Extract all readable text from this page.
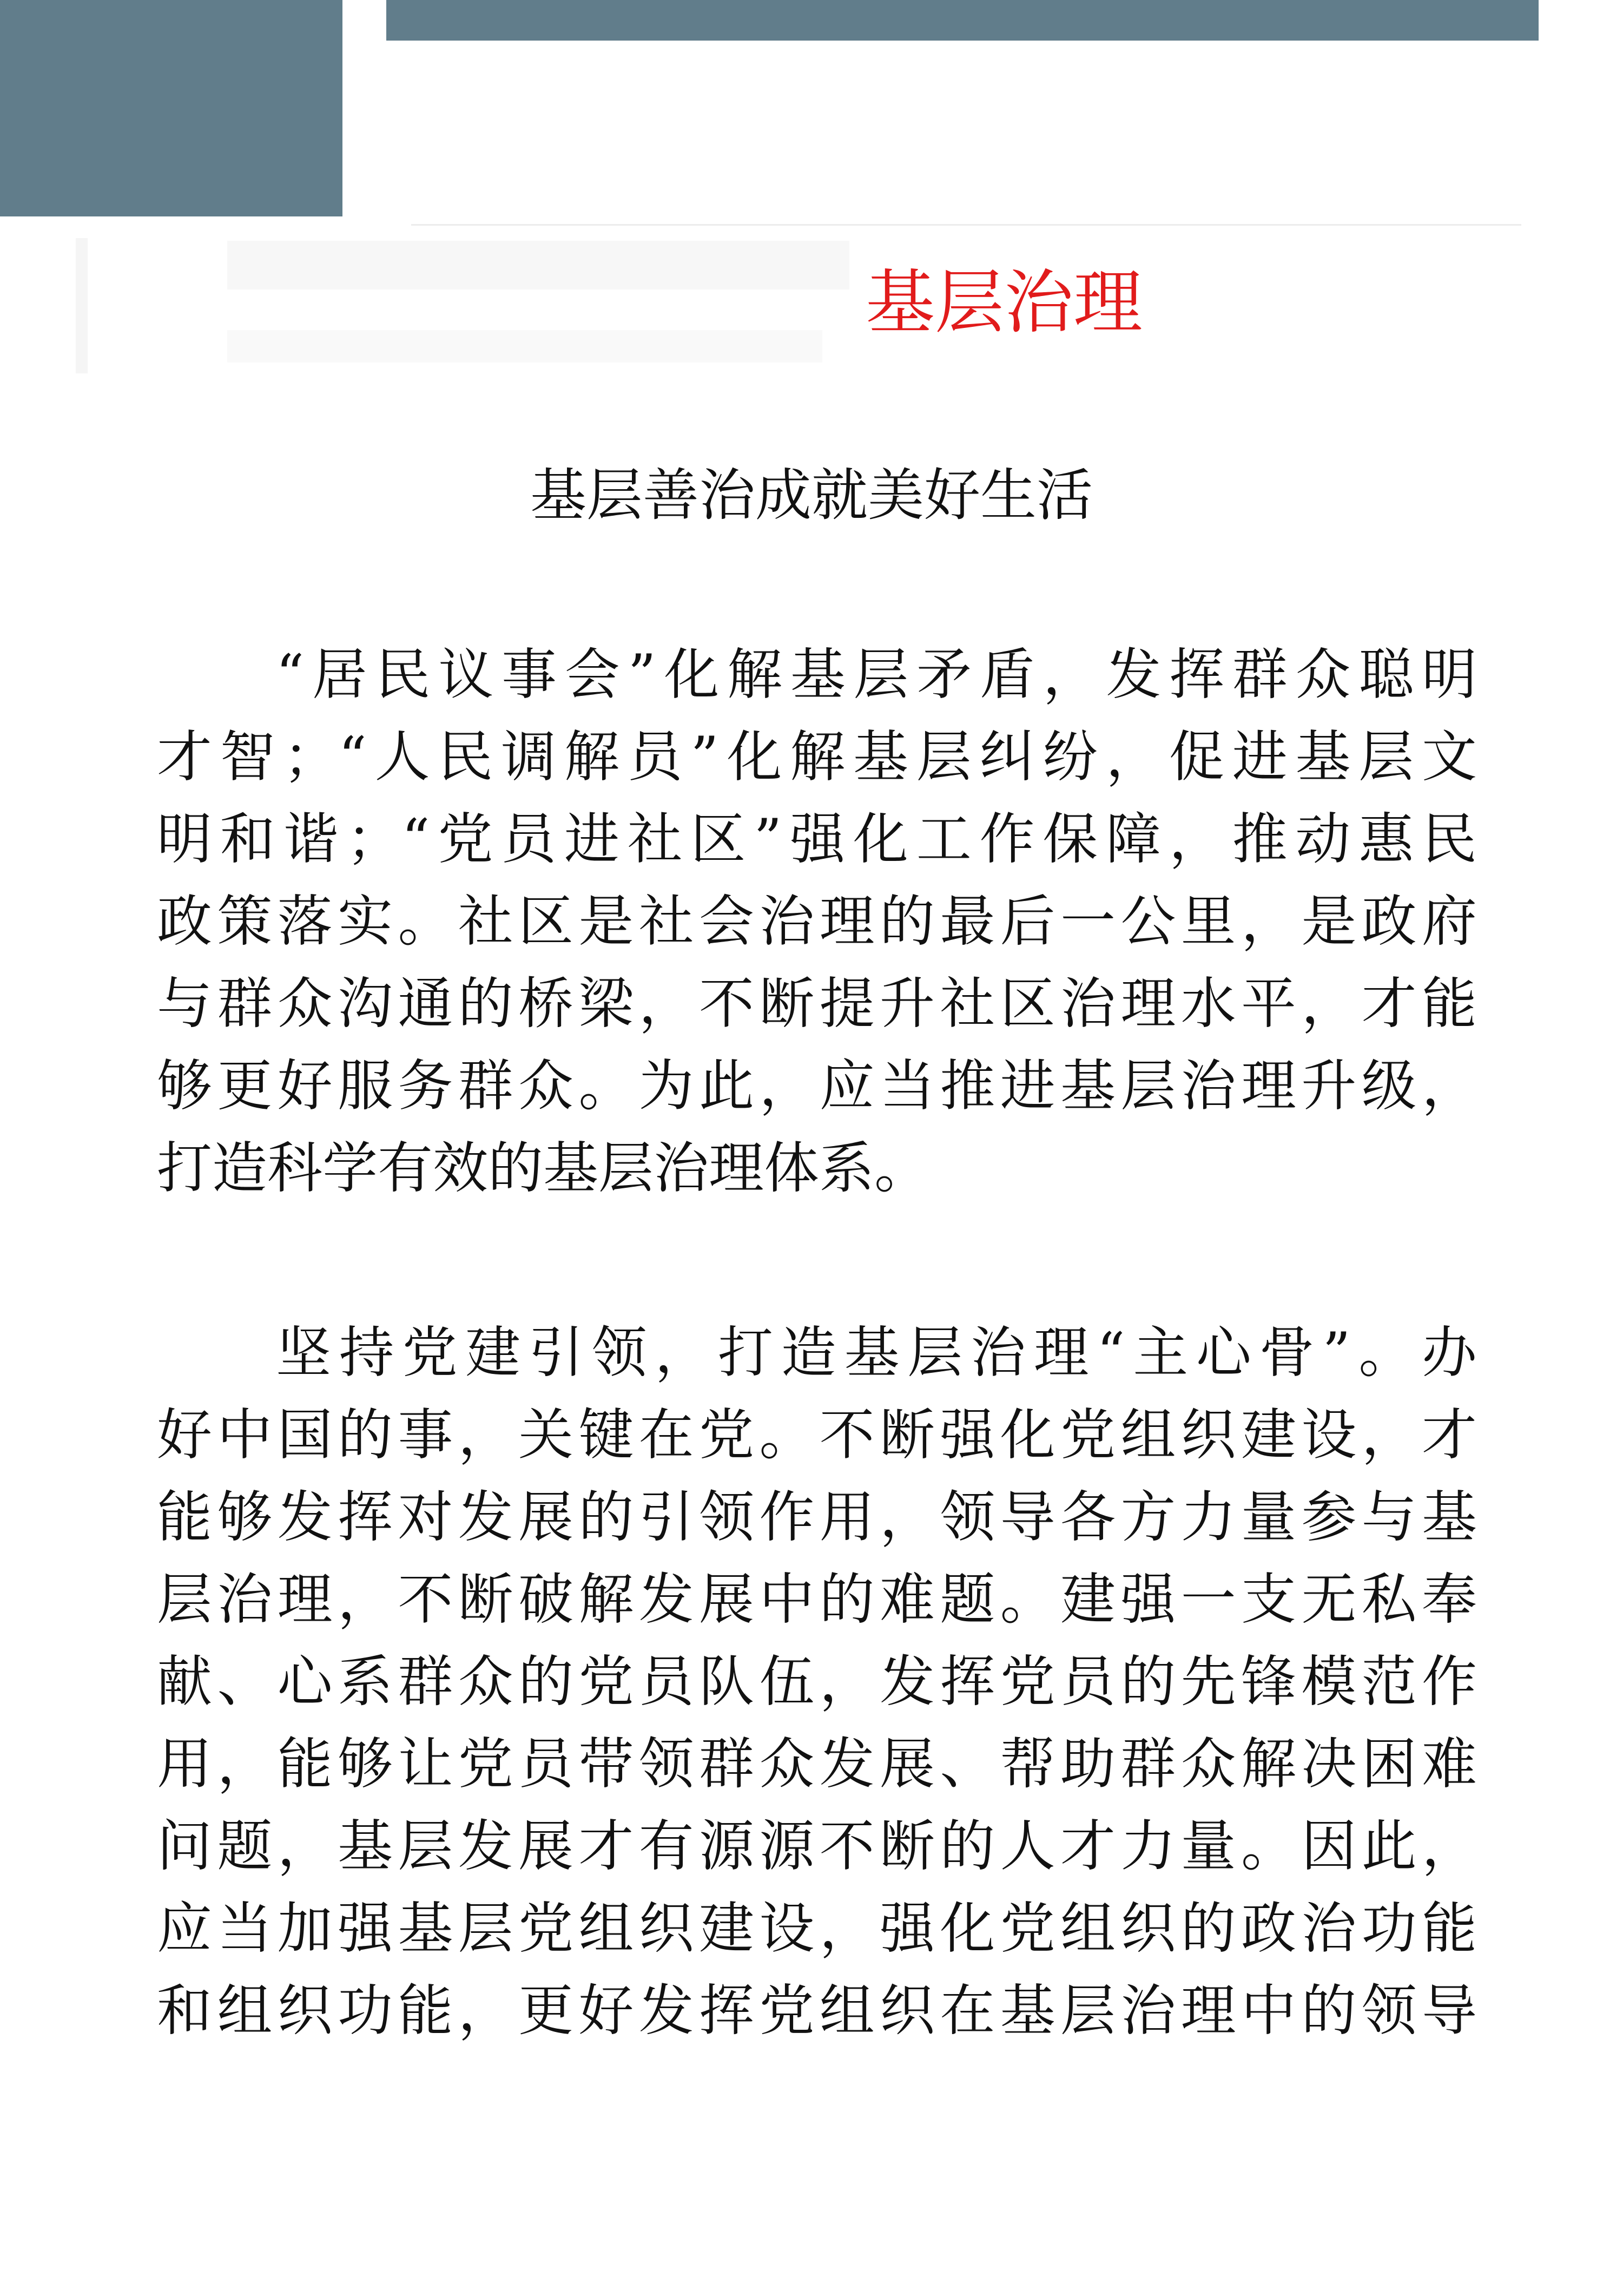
基层治理
基层善治成就美好生活
“居民议事会”化解基层矛盾，发挥群众聪明
才智；“人民调解员”化解基层纠纷，促进基层文
明和谐；“党员进社区”强化工作保障，推动惠民
政策落实。社区是社会治理的最后一公里，是政府
与群众沟通的桥梁，不断提升社区治理水平，才能
够更好服务群众。为此，应当推进基层治理升级，
打造科学有效的基层治理体系。
坚持党建引领，打造基层治理“主心骨”。办
好中国的事，关键在党。不断强化党组织建设，才
能够发挥对发展的引领作用，领导各方力量参与基
层治理，不断破解发展中的难题。建强一支无私奉
献、心系群众的党员队伍，发挥党员的先锋模范作
用，能够让党员带领群众发展、帮助群众解决困难
问题，基层发展才有源源不断的人才力量。因此，
应当加强基层党组织建设，强化党组织的政治功能
和组织功能，更好发挥党组织在基层治理中的领导
